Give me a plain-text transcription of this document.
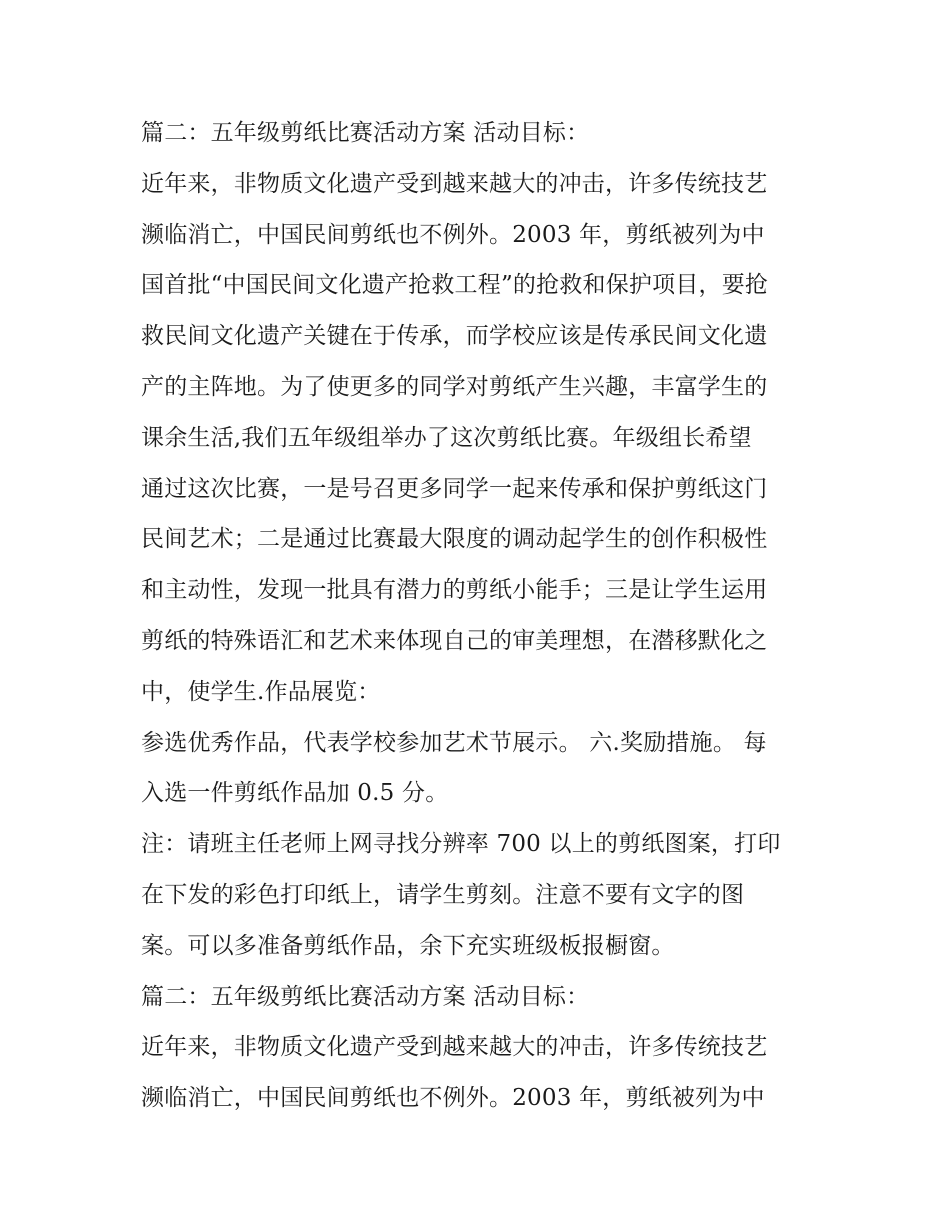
篇二：五年级剪纸比赛活动方案 活动目标：
近年来，非物质文化遗产受到越来越大的冲击，许多传统技艺
濒临消亡，中国民间剪纸也不例外。2003 年，剪纸被列为中
国首批“中国民间文化遗产抢救工程”的抢救和保护项目，要抢
救民间文化遗产关键在于传承，而学校应该是传承民间文化遗
产的主阵地。为了使更多的同学对剪纸产生兴趣，丰富学生的
课余生活,我们五年级组举办了这次剪纸比赛。年级组长希望
通过这次比赛，一是号召更多同学一起来传承和保护剪纸这门
民间艺术；二是通过比赛最大限度的调动起学生的创作积极性
和主动性，发现一批具有潜力的剪纸小能手；三是让学生运用
剪纸的特殊语汇和艺术来体现自己的审美理想，在潜移默化之
中，使学生.作品展览：
参选优秀作品，代表学校参加艺术节展示。 六.奖励措施。 每
入选一件剪纸作品加 0.5 分。
注：请班主任老师上网寻找分辨率 700 以上的剪纸图案，打印
在下发的彩色打印纸上，请学生剪刻。注意不要有文字的图
案。可以多准备剪纸作品，余下充实班级板报橱窗。
篇二：五年级剪纸比赛活动方案 活动目标：
近年来，非物质文化遗产受到越来越大的冲击，许多传统技艺
濒临消亡，中国民间剪纸也不例外。2003 年，剪纸被列为中
